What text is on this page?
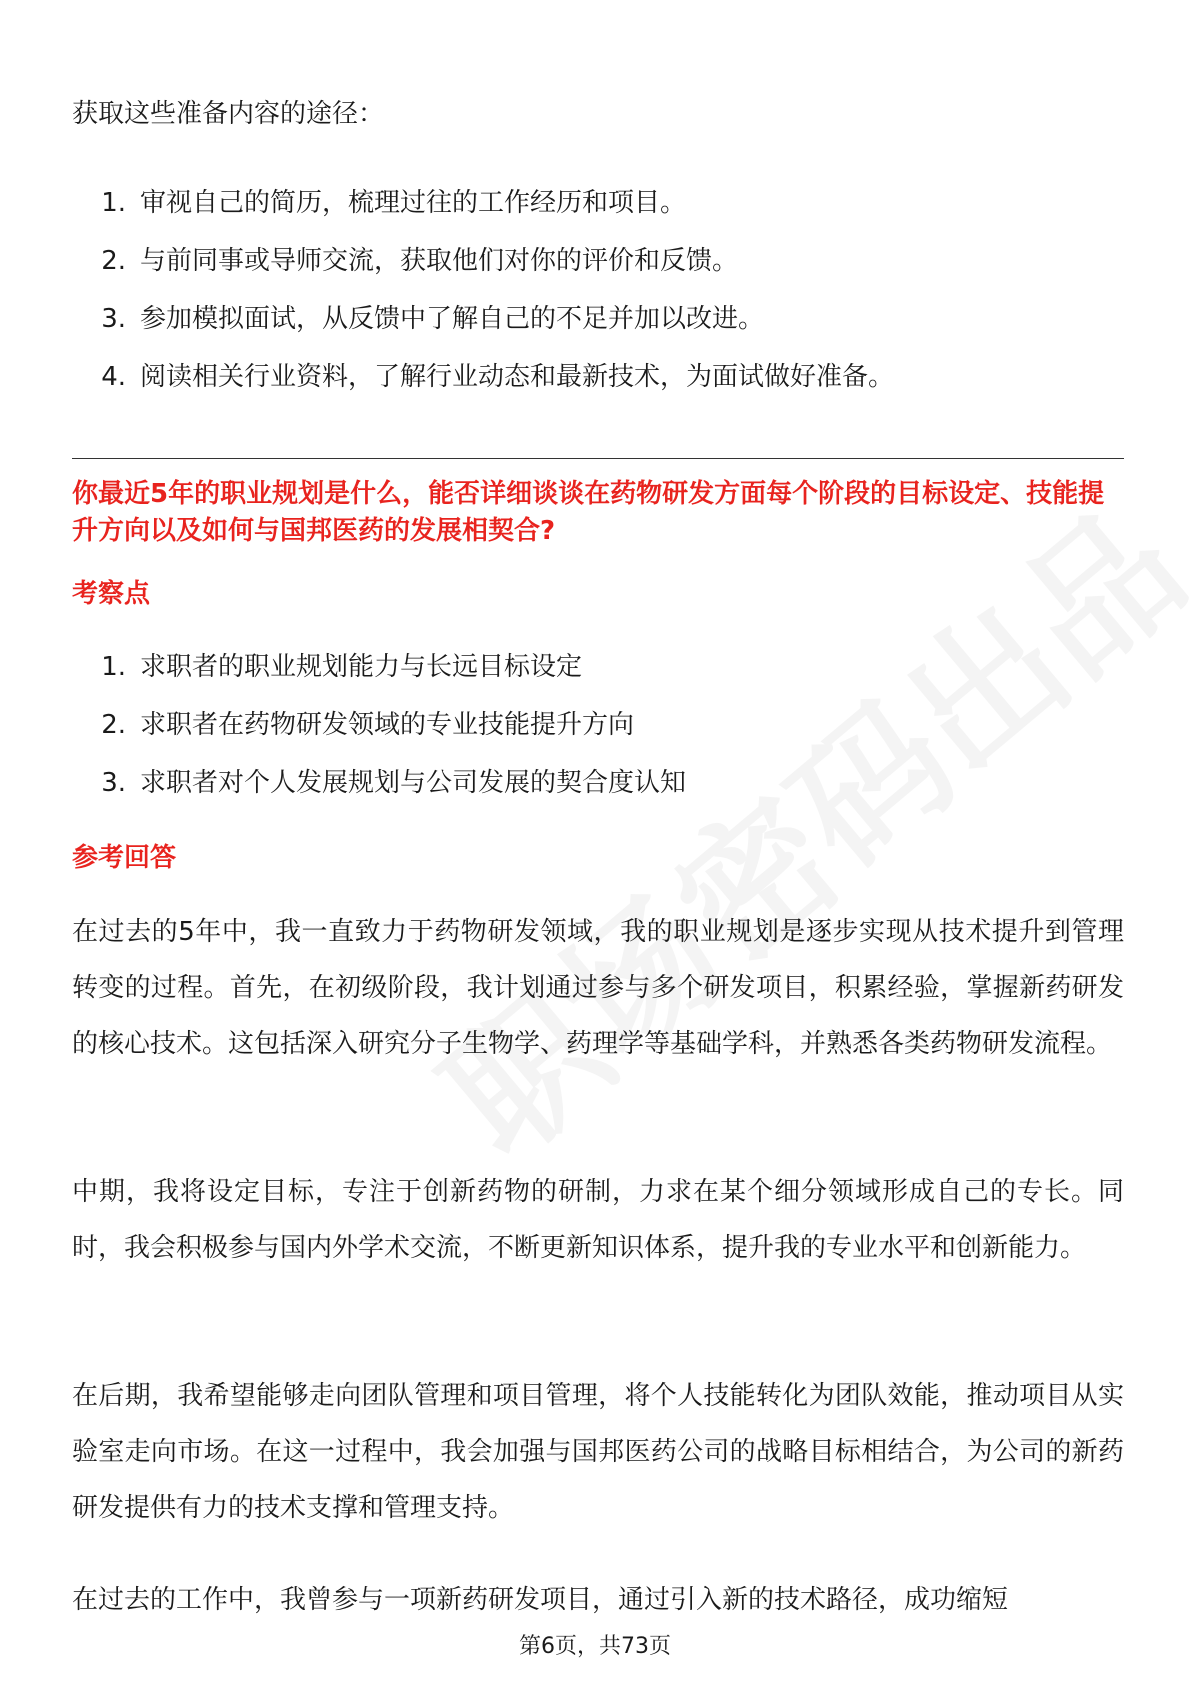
获取这些准备内容的途径：

1. 审视自己的简历，梳理过往的工作经历和项目。
2. 与前同事或导师交流，获取他们对你的评价和反馈。
3. 参加模拟面试，从反馈中了解自己的不足并加以改进。
4. 阅读相关行业资料，了解行业动态和最新技术，为面试做好准备。

你最近5年的职业规划是什么，能否详细谈谈在药物研发方面每个阶段的目标设定、技能提升方向以及如何与国邦医药的发展相契合?

考察点
1. 求职者的职业规划能力与长远目标设定
2. 求职者在药物研发领域的专业技能提升方向
3. 求职者对个人发展规划与公司发展的契合度认知
参考回答

在过去的5年中，我一直致力于药物研发领域，我的职业规划是逐步实现从技术提升到管理转变的过程。首先，在初级阶段，我计划通过参与多个研发项目，积累经验，掌握新药研发的核心技术。这包括深入研究分子生物学、药理学等基础学科，并熟悉各类药物研发流程。

中期，我将设定目标，专注于创新药物的研制，力求在某个细分领域形成自己的专长。同时，我会积极参与国内外学术交流，不断更新知识体系，提升我的专业水平和创新能力。

在后期，我希望能够走向团队管理和项目管理，将个人技能转化为团队效能，推动项目从实验室走向市场。在这一过程中，我会加强与国邦医药公司的战略目标相结合，为公司的新药研发提供有力的技术支撑和管理支持。

在过去的工作中，我曾参与一项新药研发项目，通过引入新的技术路径，成功缩短

第6页，共73页
